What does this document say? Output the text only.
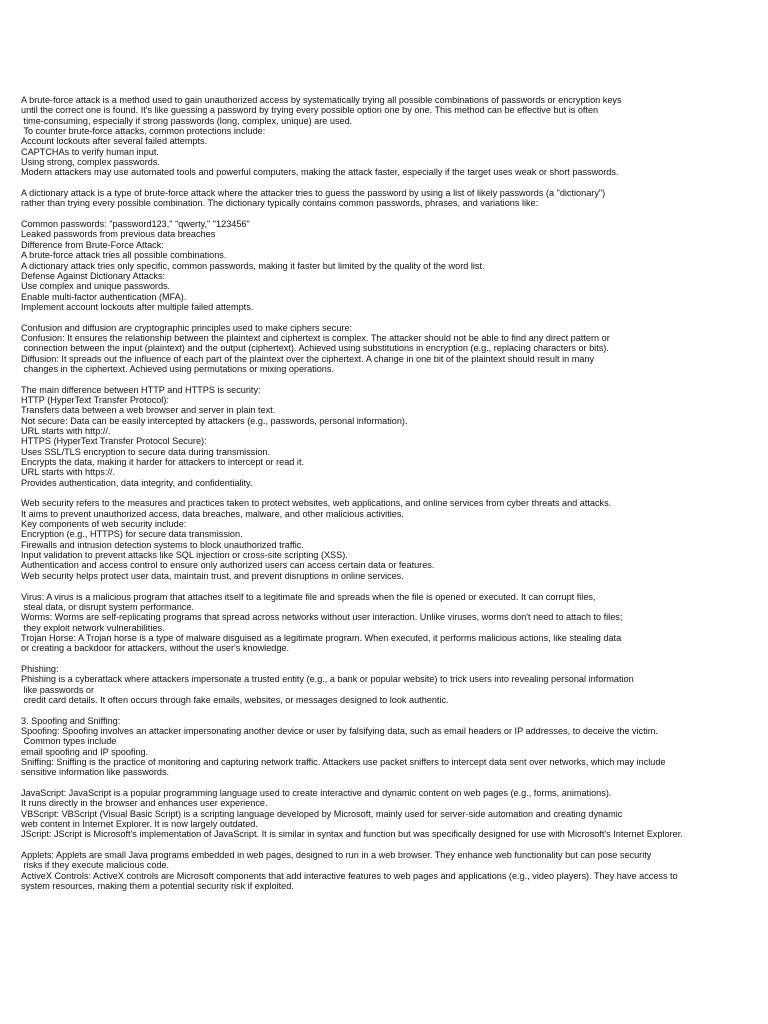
A brute-force attack is a method used to gain unauthorized access by systematically trying all possible combinations of passwords or encryption keys
until the correct one is found. It's like guessing a password by trying every possible option one by one. This method can be effective but is often
time-consuming, especially if strong passwords (long, complex, unique) are used.
To counter brute-force attacks, common protections include:
Account lockouts after several failed attempts.
CAPTCHAs to verify human input.
Using strong, complex passwords.
Modern attackers may use automated tools and powerful computers, making the attack faster, especially if the target uses weak or short passwords.
A dictionary attack is a type of brute-force attack where the attacker tries to guess the password by using a list of likely passwords (a "dictionary")
rather than trying every possible combination. The dictionary typically contains common passwords, phrases, and variations like:

Common passwords: "password123," "qwerty," "123456"
Leaked passwords from previous data breaches
Difference from Brute-Force Attack:
A brute-force attack tries all possible combinations.
A dictionary attack tries only specific, common passwords, making it faster but limited by the quality of the word list.
Defense Against Dictionary Attacks:
Use complex and unique passwords.
Enable multi-factor authentication (MFA).
Implement account lockouts after multiple failed attempts.
Confusion and diffusion are cryptographic principles used to make ciphers secure:
Confusion: It ensures the relationship between the plaintext and ciphertext is complex. The attacker should not be able to find any direct pattern or
connection between the input (plaintext) and the output (ciphertext). Achieved using substitutions in encryption (e.g., replacing characters or bits).
Diffusion: It spreads out the influence of each part of the plaintext over the ciphertext. A change in one bit of the plaintext should result in many
changes in the ciphertext. Achieved using permutations or mixing operations.
The main difference between HTTP and HTTPS is security:
HTTP (HyperText Transfer Protocol):
Transfers data between a web browser and server in plain text.
Not secure: Data can be easily intercepted by attackers (e.g., passwords, personal information).
URL starts with http://.
HTTPS (HyperText Transfer Protocol Secure):
Uses SSL/TLS encryption to secure data during transmission.
Encrypts the data, making it harder for attackers to intercept or read it.
URL starts with https://.
Provides authentication, data integrity, and confidentiality.
Web security refers to the measures and practices taken to protect websites, web applications, and online services from cyber threats and attacks.
It aims to prevent unauthorized access, data breaches, malware, and other malicious activities.
Key components of web security include:
Encryption (e.g., HTTPS) for secure data transmission.
Firewalls and intrusion detection systems to block unauthorized traffic.
Input validation to prevent attacks like SQL injection or cross-site scripting (XSS).
Authentication and access control to ensure only authorized users can access certain data or features.
Web security helps protect user data, maintain trust, and prevent disruptions in online services.
Virus: A virus is a malicious program that attaches itself to a legitimate file and spreads when the file is opened or executed. It can corrupt files,
steal data, or disrupt system performance.
Worms: Worms are self-replicating programs that spread across networks without user interaction. Unlike viruses, worms don't need to attach to files;
they exploit network vulnerabilities.
Trojan Horse: A Trojan horse is a type of malware disguised as a legitimate program. When executed, it performs malicious actions, like stealing data
or creating a backdoor for attackers, without the user's knowledge.
Phishing:
Phishing is a cyberattack where attackers impersonate a trusted entity (e.g., a bank or popular website) to trick users into revealing personal information
like passwords or
credit card details. It often occurs through fake emails, websites, or messages designed to look authentic.
3. Spoofing and Sniffing:
Spoofing: Spoofing involves an attacker impersonating another device or user by falsifying data, such as email headers or IP addresses, to deceive the victim.
Common types include
email spoofing and IP spoofing.
Sniffing: Sniffing is the practice of monitoring and capturing network traffic. Attackers use packet sniffers to intercept data sent over networks, which may include
sensitive information like passwords.
JavaScript: JavaScript is a popular programming language used to create interactive and dynamic content on web pages (e.g., forms, animations).
It runs directly in the browser and enhances user experience.
VBScript: VBScript (Visual Basic Script) is a scripting language developed by Microsoft, mainly used for server-side automation and creating dynamic
web content in Internet Explorer. It is now largely outdated.
JScript: JScript is Microsoft's implementation of JavaScript. It is similar in syntax and function but was specifically designed for use with Microsoft's Internet Explorer.
Applets: Applets are small Java programs embedded in web pages, designed to run in a web browser. They enhance web functionality but can pose security
risks if they execute malicious code.
ActiveX Controls: ActiveX controls are Microsoft components that add interactive features to web pages and applications (e.g., video players). They have access to
system resources, making them a potential security risk if exploited.
